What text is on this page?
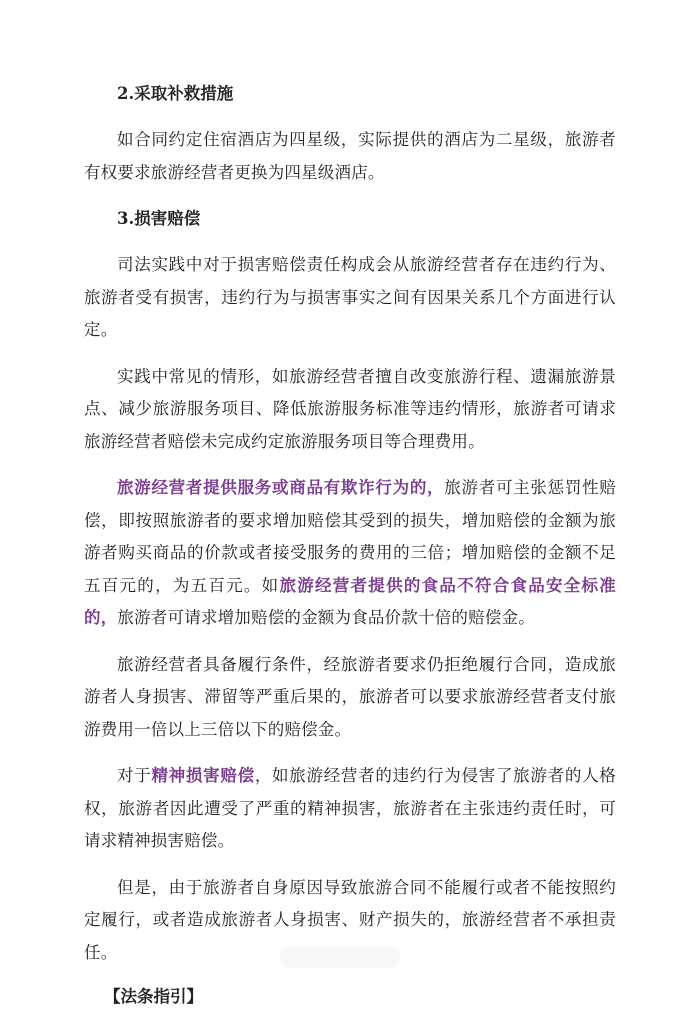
2.采取补救措施

如合同约定住宿酒店为四星级，实际提供的酒店为二星级，旅游者有权要求旅游经营者更换为四星级酒店。

3.损害赔偿

司法实践中对于损害赔偿责任构成会从旅游经营者存在违约行为、旅游者受有损害，违约行为与损害事实之间有因果关系几个方面进行认定。

实践中常见的情形，如旅游经营者擅自改变旅游行程、遗漏旅游景点、减少旅游服务项目、降低旅游服务标准等违约情形，旅游者可请求旅游经营者赔偿未完成约定旅游服务项目等合理费用。

旅游经营者提供服务或商品有欺诈行为的，旅游者可主张惩罚性赔偿，即按照旅游者的要求增加赔偿其受到的损失，增加赔偿的金额为旅游者购买商品的价款或者接受服务的费用的三倍；增加赔偿的金额不足五百元的，为五百元。如旅游经营者提供的食品不符合食品安全标准的，旅游者可请求增加赔偿的金额为食品价款十倍的赔偿金。

旅游经营者具备履行条件，经旅游者要求仍拒绝履行合同，造成旅游者人身损害、滞留等严重后果的，旅游者可以要求旅游经营者支付旅游费用一倍以上三倍以下的赔偿金。

对于精神损害赔偿，如旅游经营者的违约行为侵害了旅游者的人格权，旅游者因此遭受了严重的精神损害，旅游者在主张违约责任时，可请求精神损害赔偿。

但是，由于旅游者自身原因导致旅游合同不能履行或者不能按照约定履行，或者造成旅游者人身损害、财产损失的，旅游经营者不承担责任。

【法条指引】
